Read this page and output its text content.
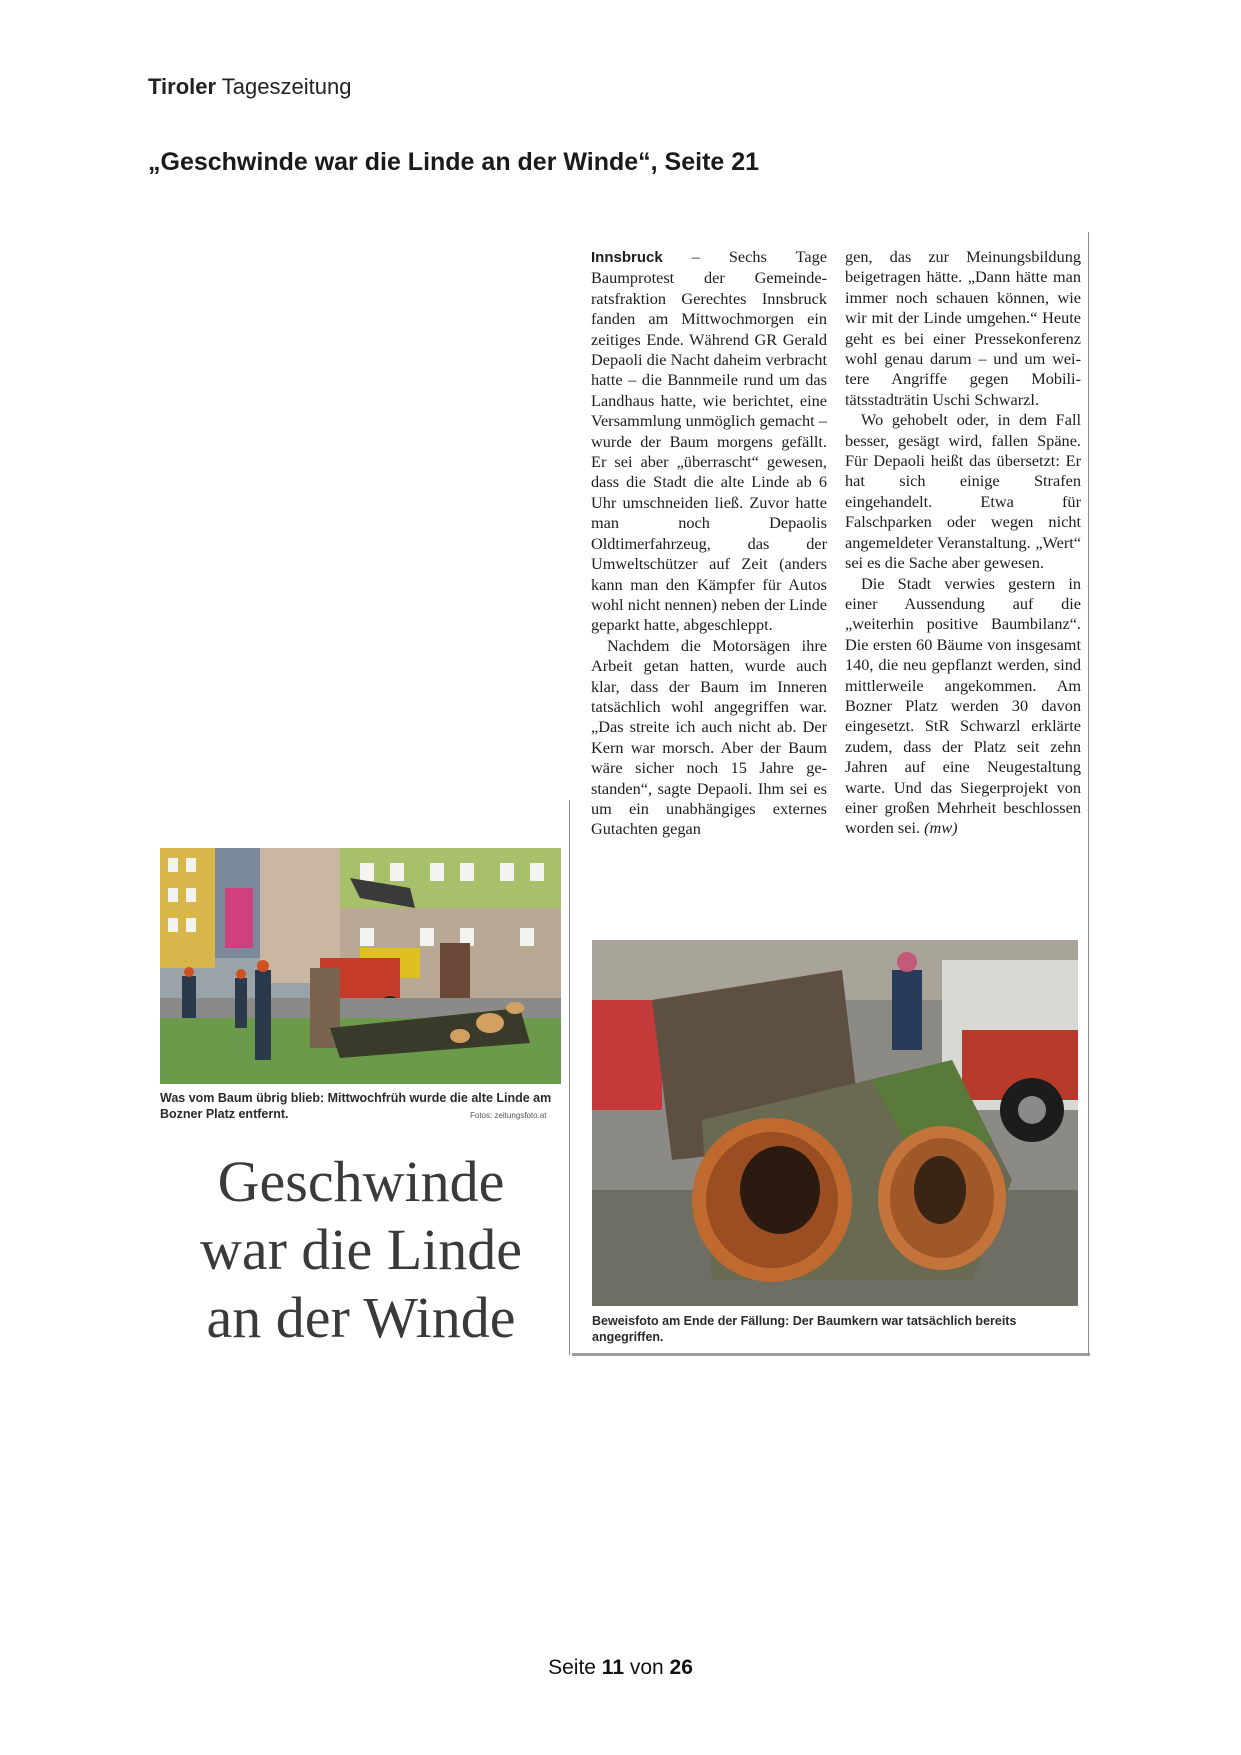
Tiroler Tageszeitung
„Geschwinde war die Linde an der Winde“, Seite 21

Innsbruck – Sechs Tage Baumprotest der Gemeinderatsfraktion Gerechtes Innsbruck fanden am Mittwochmorgen ein zeitiges Ende. Während GR Gerald Depaoli die Nacht daheim verbracht hatte – die Bannmeile rund um das Landhaus hatte, wie berichtet, eine Versammlung unmöglich gemacht – wurde der Baum morgens gefällt. Er sei aber „überrascht“ gewesen, dass die Stadt die alte Linde ab 6 Uhr umschneiden ließ. Zuvor hatte man noch Depaolis Oldtimerfahrzeug, das der Umweltschützer auf Zeit (anders kann man den Kämpfer für Autos wohl nicht nennen) neben der Linde geparkt hatte, abgeschleppt.

Nachdem die Motorsägen ihre Arbeit getan hatten, wurde auch klar, dass der Baum im Inneren tatsächlich wohl angegriffen war. „Das streite ich auch nicht ab. Der Kern war morsch. Aber der Baum wäre sicher noch 15 Jahre gestanden“, sagte Depaoli. Ihm sei es um ein unabhängiges externes Gutachten gegan

gen, das zur Meinungsbildung beigetragen hätte. „Dann hätte man immer noch schauen können, wie wir mit der Linde umgehen.“ Heute geht es bei einer Pressekonferenz wohl genau darum – und um weitere Angriffe gegen Mobilitätsstadträtin Uschi Schwarzl.

Wo gehobelt oder, in dem Fall besser, gesägt wird, fallen Späne. Für Depaoli heißt das übersetzt: Er hat sich einige Strafen eingehandelt. Etwa für Falschparken oder wegen nicht angemeldeter Veranstaltung. „Wert“ sei es die Sache aber gewesen.

Die Stadt verwies gestern in einer Aussendung auf die „weiterhin positive Baumbilanz“. Die ersten 60 Bäume von insgesamt 140, die neu gepflanzt werden, sind mittlerweile angekommen. Am Bozner Platz werden 30 davon eingesetzt. StR Schwarzl erklärte zudem, dass der Platz seit zehn Jahren auf eine Neugestaltung warte. Und das Siegerprojekt von einer großen Mehrheit beschlossen worden sei. (mw)

Was vom Baum übrig blieb: Mittwochfrüh wurde die alte Linde am Bozner Platz entfernt.	Fotos: zeitungsfoto.at
Geschwinde
war die Linde
an der Winde	Beweisfoto am Ende der Fällung: Der Baumkern war tatsächlich bereits angegriffen.
Seite 11 von 26
